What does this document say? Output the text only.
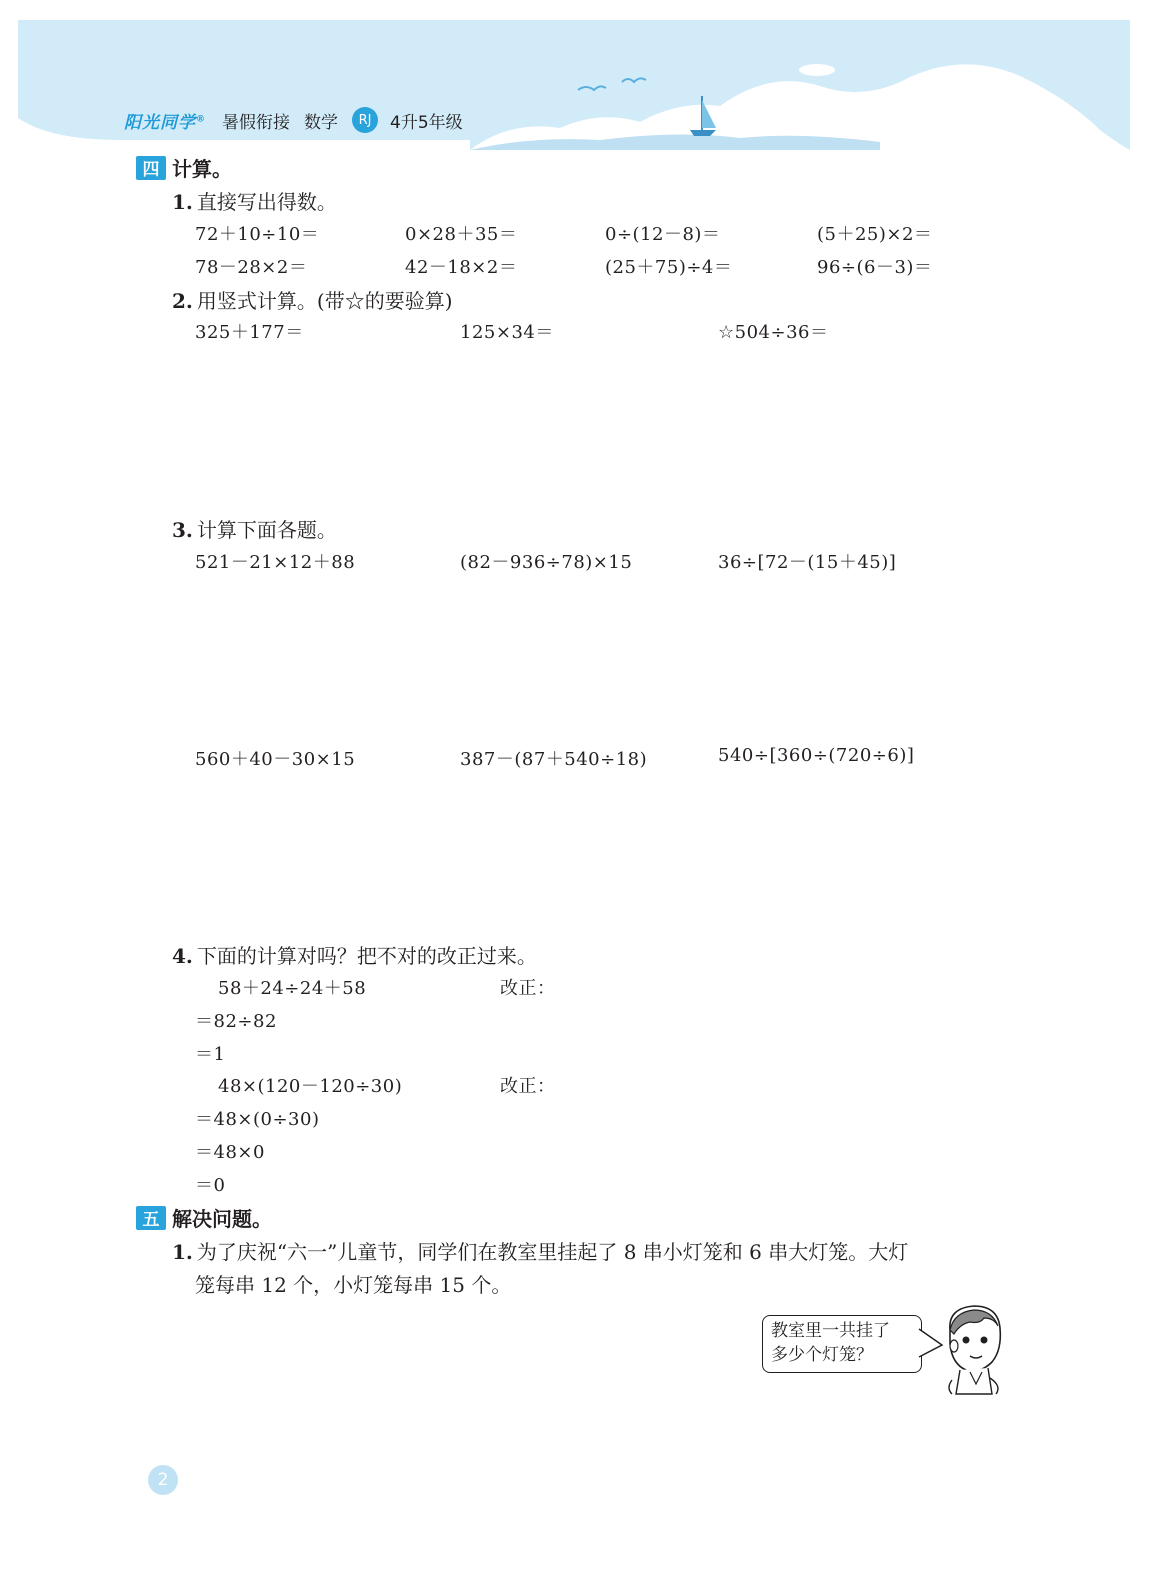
阳光同学® 暑假衔接 数学	RJ	4升5年级
四 计算。
1. 直接写出得数。
72＋10÷10＝	0×28＋35＝	0÷(12－8)＝	(5＋25)×2＝
78－28×2＝	42－18×2＝	(25＋75)÷4＝	96÷(6－3)＝
2. 用竖式计算。(带☆的要验算)
325＋177＝	125×34＝	☆504÷36＝
3. 计算下面各题。
521－21×12＋88	(82－936÷78)×15	36÷[72－(15＋45)]
560＋40－30×15	387－(87＋540÷18)	540÷[360÷(720÷6)]
4. 下面的计算对吗？把不对的改正过来。
58＋24÷24＋58	改正：
＝82÷82
＝1
48×(120－120÷30)	改正：
＝48×(0÷30)
＝48×0
＝0
五 解决问题。
1. 为了庆祝“六一”儿童节，同学们在教室里挂起了 8 串小灯笼和 6 串大灯笼。大灯
笼每串 12 个，小灯笼每串 15 个。
教室里一共挂了
多少个灯笼？
2
